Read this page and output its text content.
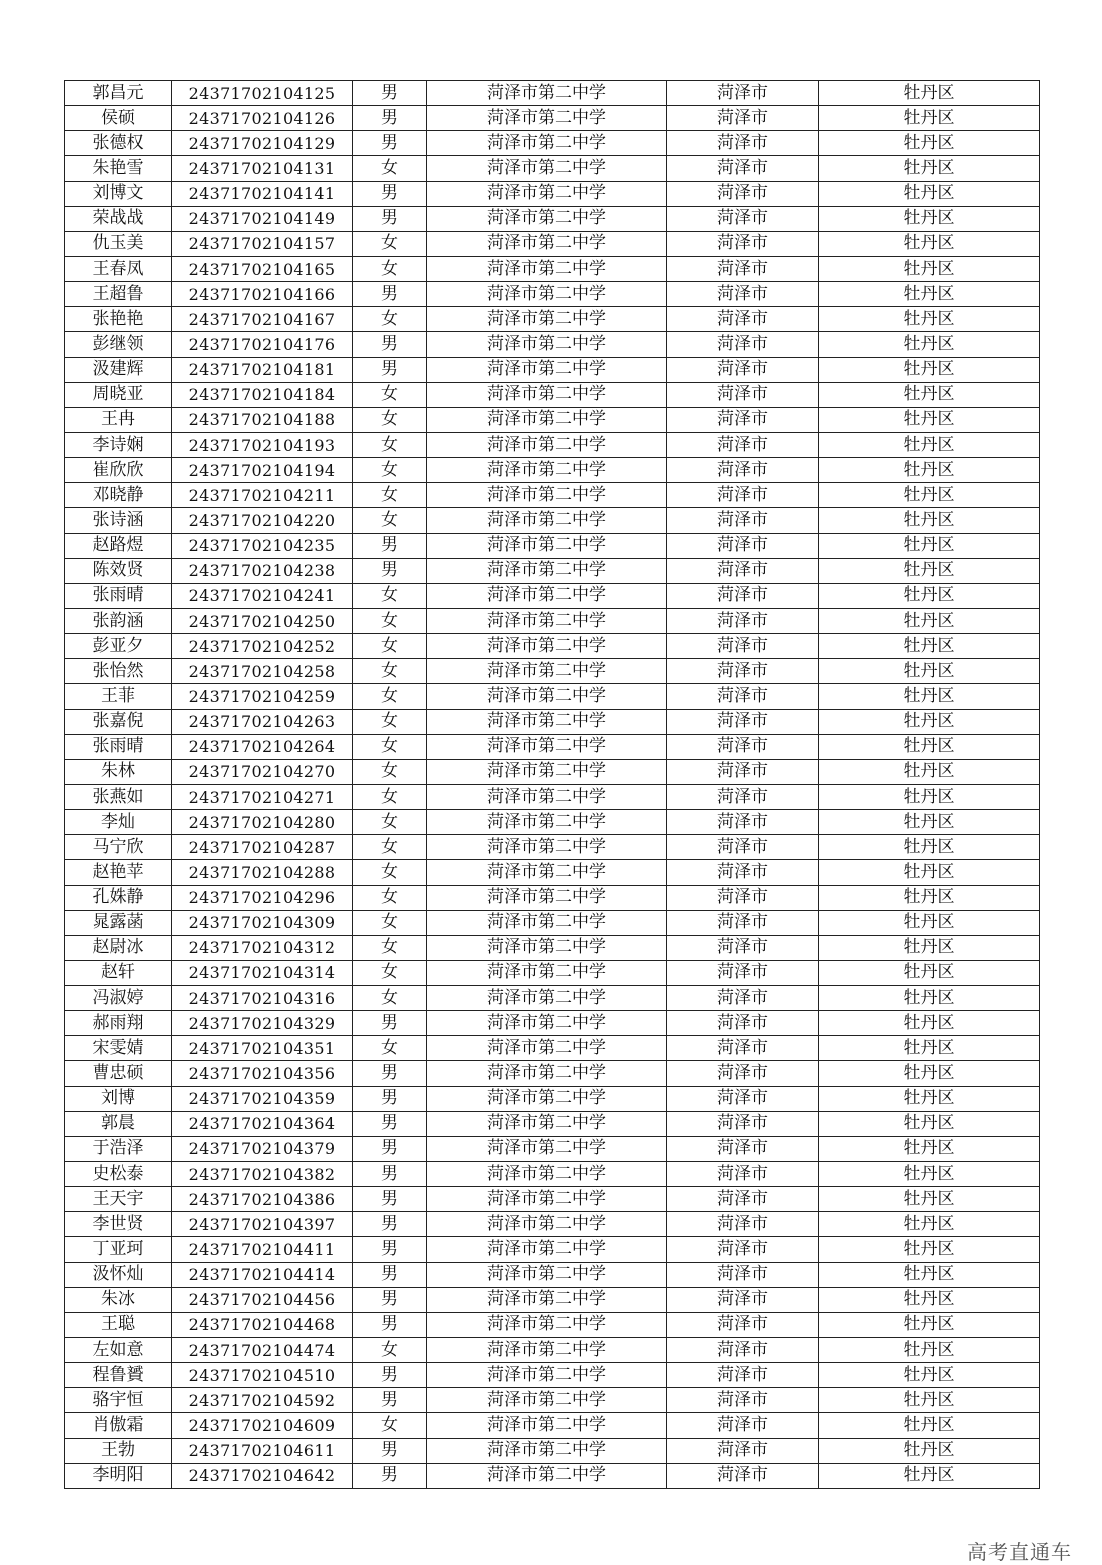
郭昌元	24371702104125	男	菏泽市第二中学	菏泽市	牡丹区
侯硕	24371702104126	男	菏泽市第二中学	菏泽市	牡丹区
张德权	24371702104129	男	菏泽市第二中学	菏泽市	牡丹区
朱艳雪	24371702104131	女	菏泽市第二中学	菏泽市	牡丹区
刘博文	24371702104141	男	菏泽市第二中学	菏泽市	牡丹区
荣战战	24371702104149	男	菏泽市第二中学	菏泽市	牡丹区
仇玉美	24371702104157	女	菏泽市第二中学	菏泽市	牡丹区
王春凤	24371702104165	女	菏泽市第二中学	菏泽市	牡丹区
王超鲁	24371702104166	男	菏泽市第二中学	菏泽市	牡丹区
张艳艳	24371702104167	女	菏泽市第二中学	菏泽市	牡丹区
彭继领	24371702104176	男	菏泽市第二中学	菏泽市	牡丹区
汲建辉	24371702104181	男	菏泽市第二中学	菏泽市	牡丹区
周晓亚	24371702104184	女	菏泽市第二中学	菏泽市	牡丹区
王冉	24371702104188	女	菏泽市第二中学	菏泽市	牡丹区
李诗娴	24371702104193	女	菏泽市第二中学	菏泽市	牡丹区
崔欣欣	24371702104194	女	菏泽市第二中学	菏泽市	牡丹区
邓晓静	24371702104211	女	菏泽市第二中学	菏泽市	牡丹区
张诗涵	24371702104220	女	菏泽市第二中学	菏泽市	牡丹区
赵路煜	24371702104235	男	菏泽市第二中学	菏泽市	牡丹区
陈效贤	24371702104238	男	菏泽市第二中学	菏泽市	牡丹区
张雨晴	24371702104241	女	菏泽市第二中学	菏泽市	牡丹区
张韵涵	24371702104250	女	菏泽市第二中学	菏泽市	牡丹区
彭亚夕	24371702104252	女	菏泽市第二中学	菏泽市	牡丹区
张怡然	24371702104258	女	菏泽市第二中学	菏泽市	牡丹区
王菲	24371702104259	女	菏泽市第二中学	菏泽市	牡丹区
张嘉倪	24371702104263	女	菏泽市第二中学	菏泽市	牡丹区
张雨晴	24371702104264	女	菏泽市第二中学	菏泽市	牡丹区
朱林	24371702104270	女	菏泽市第二中学	菏泽市	牡丹区
张燕如	24371702104271	女	菏泽市第二中学	菏泽市	牡丹区
李灿	24371702104280	女	菏泽市第二中学	菏泽市	牡丹区
马宁欣	24371702104287	女	菏泽市第二中学	菏泽市	牡丹区
赵艳苹	24371702104288	女	菏泽市第二中学	菏泽市	牡丹区
孔姝静	24371702104296	女	菏泽市第二中学	菏泽市	牡丹区
晁露菡	24371702104309	女	菏泽市第二中学	菏泽市	牡丹区
赵尉冰	24371702104312	女	菏泽市第二中学	菏泽市	牡丹区
赵轩	24371702104314	女	菏泽市第二中学	菏泽市	牡丹区
冯淑婷	24371702104316	女	菏泽市第二中学	菏泽市	牡丹区
郝雨翔	24371702104329	男	菏泽市第二中学	菏泽市	牡丹区
宋雯婧	24371702104351	女	菏泽市第二中学	菏泽市	牡丹区
曹忠硕	24371702104356	男	菏泽市第二中学	菏泽市	牡丹区
刘博	24371702104359	男	菏泽市第二中学	菏泽市	牡丹区
郭晨	24371702104364	男	菏泽市第二中学	菏泽市	牡丹区
于浩泽	24371702104379	男	菏泽市第二中学	菏泽市	牡丹区
史松泰	24371702104382	男	菏泽市第二中学	菏泽市	牡丹区
王天宇	24371702104386	男	菏泽市第二中学	菏泽市	牡丹区
李世贤	24371702104397	男	菏泽市第二中学	菏泽市	牡丹区
丁亚珂	24371702104411	男	菏泽市第二中学	菏泽市	牡丹区
汲怀灿	24371702104414	男	菏泽市第二中学	菏泽市	牡丹区
朱冰	24371702104456	男	菏泽市第二中学	菏泽市	牡丹区
王聪	24371702104468	男	菏泽市第二中学	菏泽市	牡丹区
左如意	24371702104474	女	菏泽市第二中学	菏泽市	牡丹区
程鲁贇	24371702104510	男	菏泽市第二中学	菏泽市	牡丹区
骆宇恒	24371702104592	男	菏泽市第二中学	菏泽市	牡丹区
肖傲霜	24371702104609	女	菏泽市第二中学	菏泽市	牡丹区
王勃	24371702104611	男	菏泽市第二中学	菏泽市	牡丹区
李明阳	24371702104642	男	菏泽市第二中学	菏泽市	牡丹区
高考直通车
